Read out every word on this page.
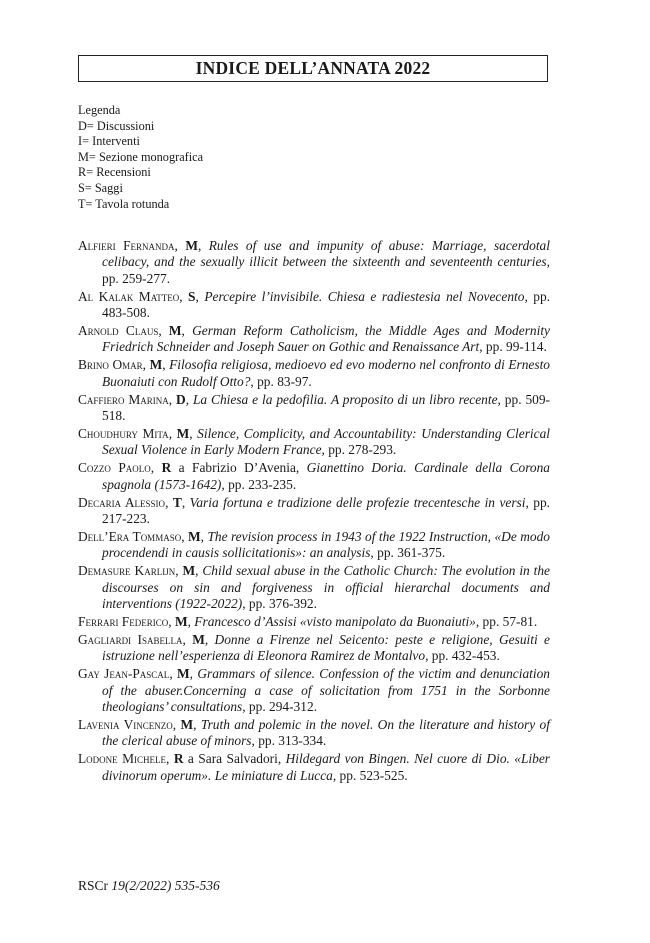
INDICE DELL’ANNATA 2022
Legenda
D= Discussioni
I= Interventi
M= Sezione monografica
R= Recensioni
S= Saggi
T= Tavola rotunda

Alfieri Fernanda, M, Rules of use and impunity of abuse: Marriage, sacerdotal celibacy, and the sexually illicit between the sixteenth and seventeenth centuries, pp. 259-277.

Al Kalak Matteo, S, Percepire l’invisibile. Chiesa e radiestesia nel Novecento, pp. 483-508.

Arnold Claus, M, German Reform Catholicism, the Middle Ages and Modernity Friedrich Schneider and Joseph Sauer on Gothic and Renaissance Art, pp. 99-114.

Brino Omar, M, Filosofia religiosa, medioevo ed evo moderno nel confronto di Ernesto Buonaiuti con Rudolf Otto?, pp. 83-97.

Caffiero Marina, D, La Chiesa e la pedofilia. A proposito di un libro recente, pp. 509-518.

Choudhury Mita, M, Silence, Complicity, and Accountability: Understanding Clerical Sexual Violence in Early Modern France, pp. 278-293.

Cozzo Paolo, R a Fabrizio D’Avenia, Gianettino Doria. Cardinale della Corona spagnola (1573-1642), pp. 233-235.

Decaria Alessio, T, Varia fortuna e tradizione delle profezie trecentesche in versi, pp. 217-223.

Dell’Era Tommaso, M, The revision process in 1943 of the 1922 Instruction, «De modo procendendi in causis sollicitationis»: an analysis, pp. 361-375.

Demasure Karlijn, M, Child sexual abuse in the Catholic Church: The evolution in the discourses on sin and forgiveness in official hierarchal documents and interventions (1922-2022), pp. 376-392.

Ferrari Federico, M, Francesco d’Assisi «visto manipolato da Buonaiuti», pp. 57-81.

Gagliardi Isabella, M, Donne a Firenze nel Seicento: peste e religione, Gesuiti e istruzione nell’esperienza di Eleonora Ramirez de Montalvo, pp. 432-453.

Gay Jean-Pascal, M, Grammars of silence. Confession of the victim and denunciation of the abuser.Concerning a case of solicitation from 1751 in the Sorbonne theologians’ consultations, pp. 294-312.

Lavenia Vincenzo, M, Truth and polemic in the novel. On the literature and history of the clerical abuse of minors, pp. 313-334.

Lodone Michele, R a Sara Salvadori, Hildegard von Bingen. Nel cuore di Dio. «Liber divinorum operum». Le miniature di Lucca, pp. 523-525.

RSCr 19(2/2022) 535-536
